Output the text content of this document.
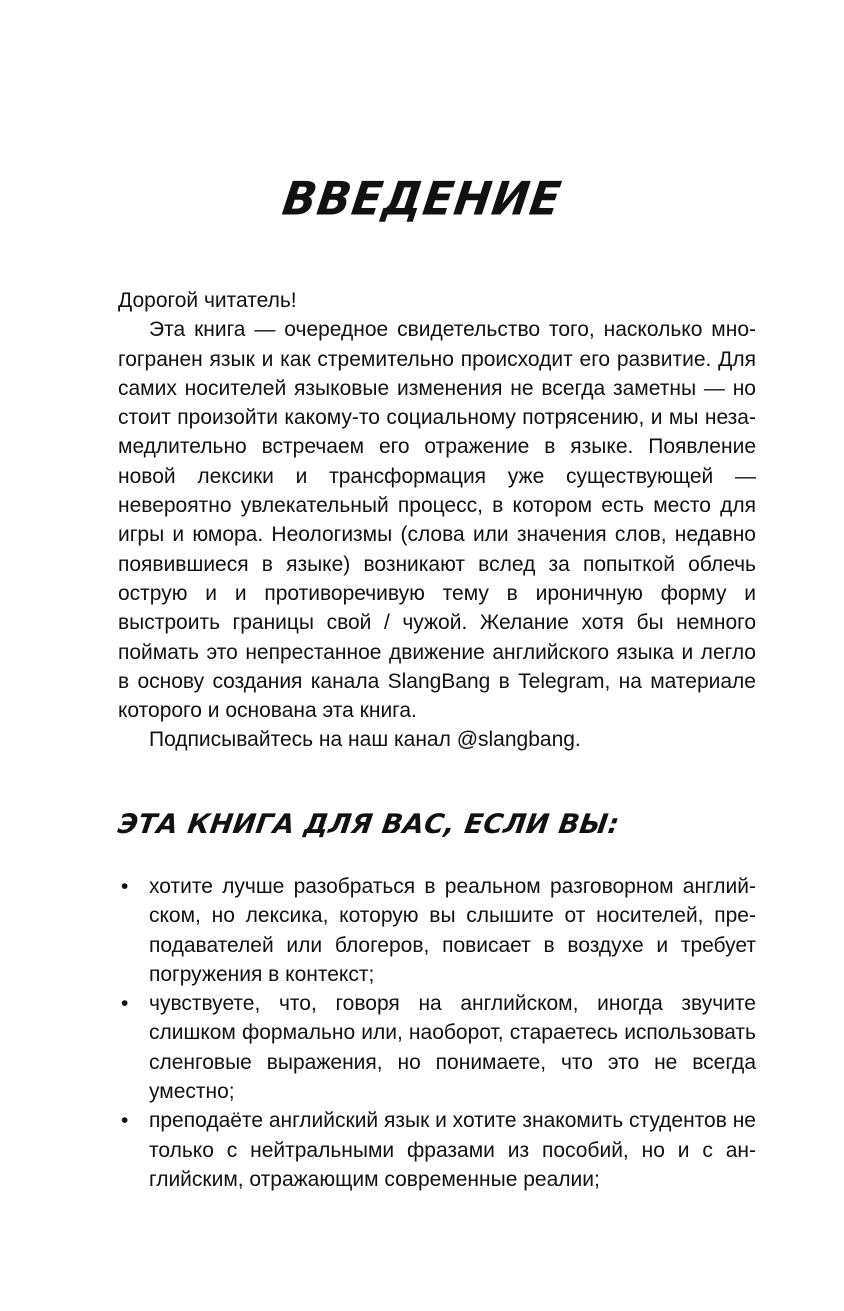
ВВЕДЕНИЕ

Дорогой читатель!

Эта книга — очередное свидетельство того, насколько многогранен язык и как стремительно происходит его развитие. Для самих носителей языковые изменения не всегда заметны — но стоит произойти какому-то социальному потрясению, и мы незамедлительно встречаем его отражение в языке. Появление новой лексики и трансформация уже существующей — невероятно увлекательный процесс, в котором есть место для игры и юмора. Неологизмы (слова или значения слов, недавно появившиеся в языке) возникают вслед за попыткой облечь острую и и противоречивую тему в ироничную форму и выстроить границы свой / чужой. Желание хотя бы немного поймать это непрестанное движение английского языка и легло в основу создания канала SlangBang в Telegram, на материале которого и основана эта книга.

Подписывайтесь на наш канал @slangbang.

ЭТА КНИГА ДЛЯ ВАС, ЕСЛИ ВЫ:
• хотите лучше разобраться в реальном разговорном английском, но лексика, которую вы слышите от носителей, преподавателей или блогеров, повисает в воздухе и требует погружения в контекст;
• чувствуете, что, говоря на английском, иногда звучите слишком формально или, наоборот, стараетесь использовать сленговые выражения, но понимаете, что это не всегда уместно;
• преподаёте английский язык и хотите знакомить студентов не только с нейтральными фразами из пособий, но и с английским, отражающим современные реалии;
